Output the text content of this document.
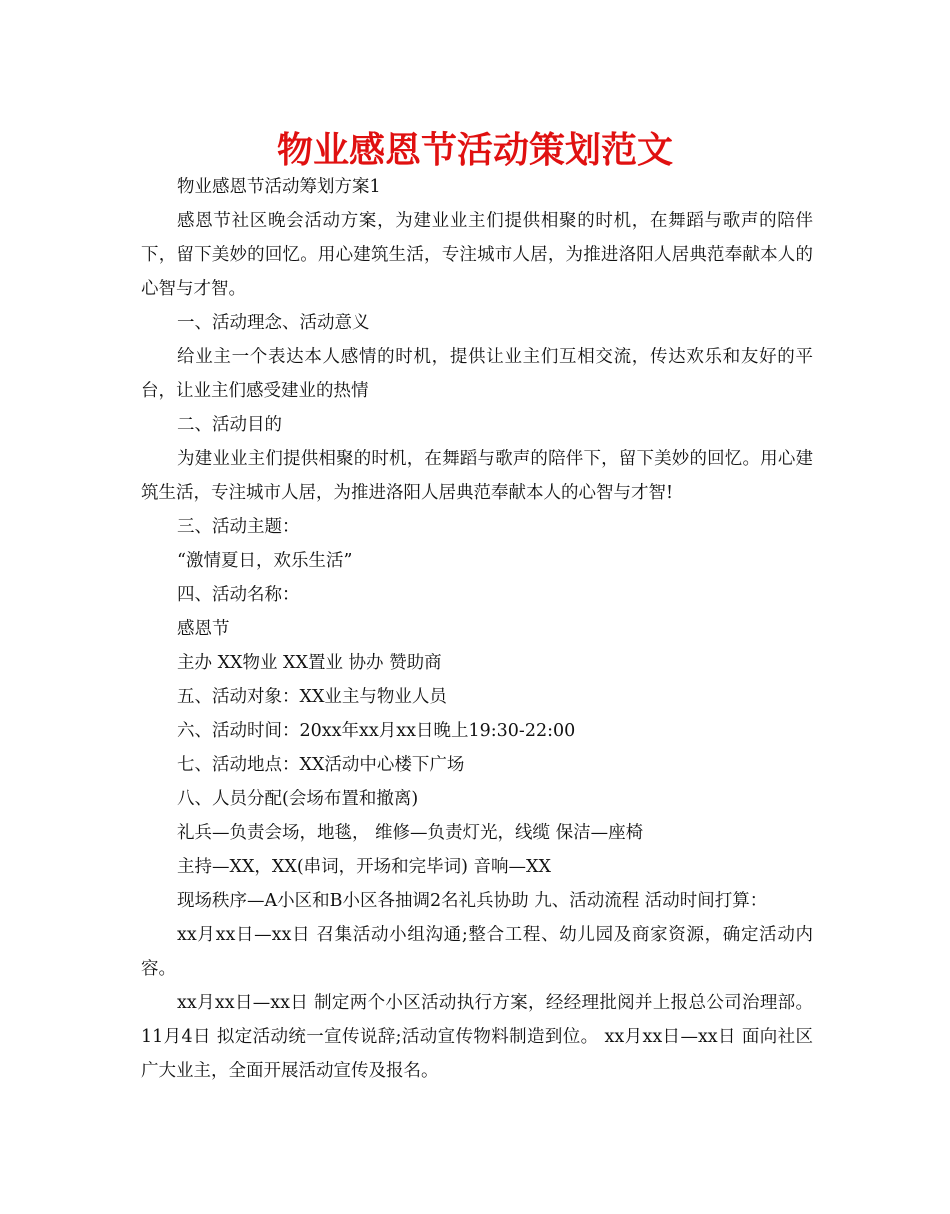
物业感恩节活动策划范文

物业感恩节活动筹划方案1

感恩节社区晚会活动方案，为建业业主们提供相聚的时机，在舞蹈与歌声的陪伴下，留下美妙的回忆。用心建筑生活，专注城市人居，为推进洛阳人居典范奉献本人的心智与才智。

一、活动理念、活动意义

给业主一个表达本人感情的时机，提供让业主们互相交流，传达欢乐和友好的平台，让业主们感受建业的热情

二、活动目的

为建业业主们提供相聚的时机，在舞蹈与歌声的陪伴下，留下美妙的回忆。用心建筑生活，专注城市人居，为推进洛阳人居典范奉献本人的心智与才智!

三、活动主题：

“激情夏日，欢乐生活”

四、活动名称：

感恩节

主办 XX物业 XX置业 协办 赞助商

五、活动对象：XX业主与物业人员

六、活动时间：20xx年xx月xx日晚上19:30-22:00

七、活动地点：XX活动中心楼下广场

八、人员分配(会场布置和撤离)

礼兵—负责会场，地毯， 维修—负责灯光，线缆 保洁—座椅

主持—XX，XX(串词，开场和完毕词) 音响—XX

现场秩序—A小区和B小区各抽调2名礼兵协助 九、活动流程 活动时间打算：

xx月xx日—xx日 召集活动小组沟通;整合工程、幼儿园及商家资源，确定活动内容。

xx月xx日—xx日 制定两个小区活动执行方案，经经理批阅并上报总公司治理部。 11月4日 拟定活动统一宣传说辞;活动宣传物料制造到位。 xx月xx日—xx日 面向社区广大业主，全面开展活动宣传及报名。
